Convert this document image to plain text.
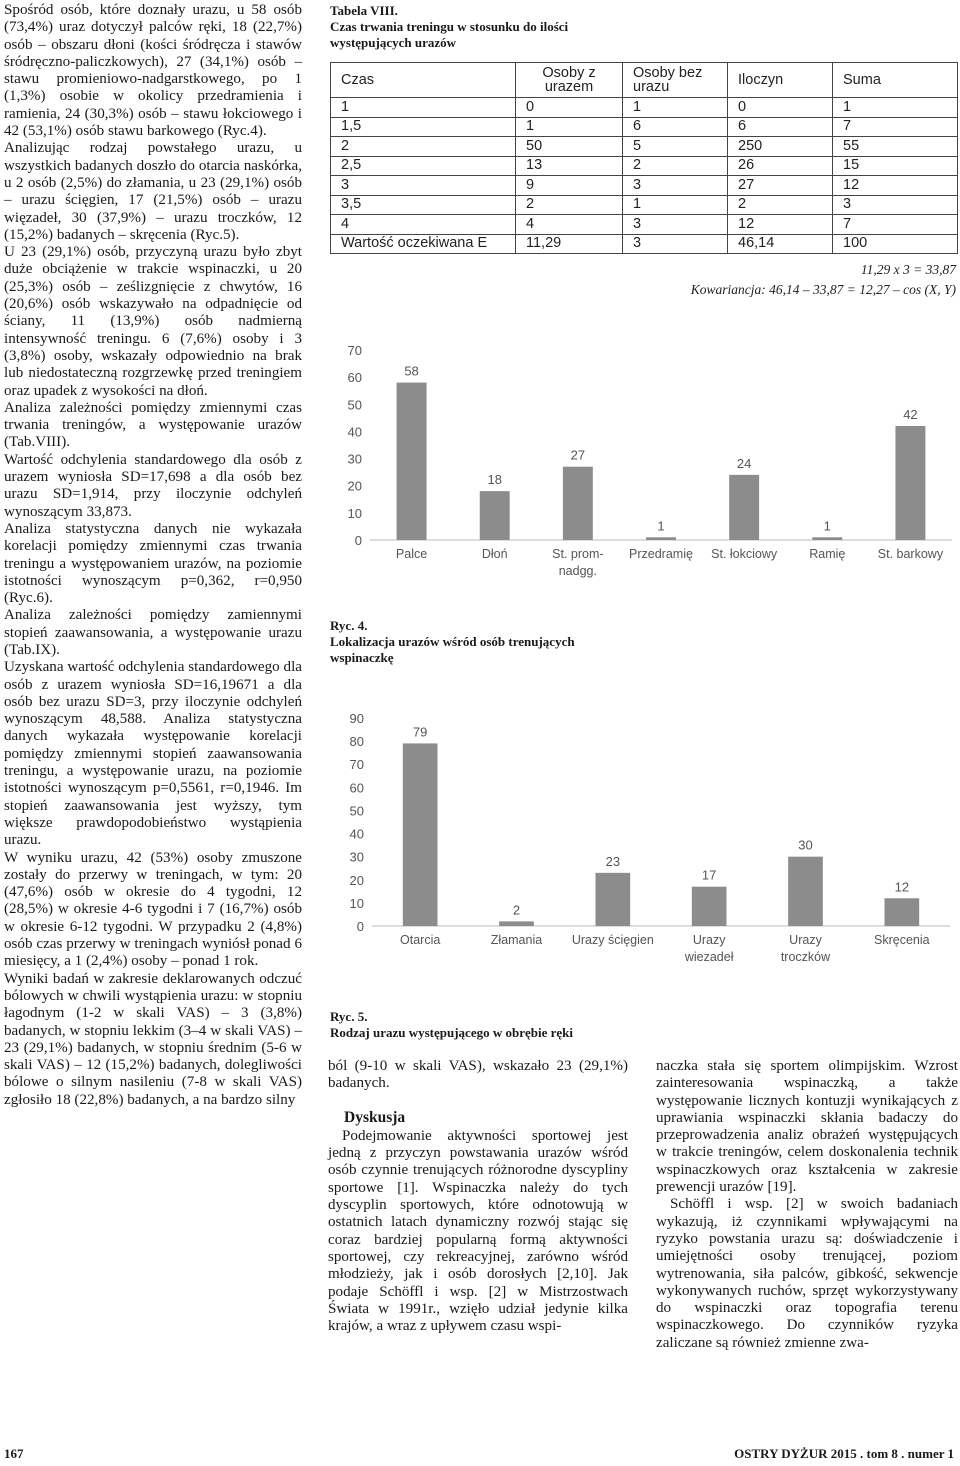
Spośród osób, które doznały urazu, u 58 osób (73,4%) uraz dotyczył palców ręki, 18 (22,7%) osób – obszaru dłoni (kości śródręcza i stawów śródręczno-paliczkowych), 27 (34,1%) osób – stawu promieniowo-nadgarstkowego, po 1 (1,3%) osobie w okolicy przedramienia i ramienia, 24 (30,3%) osób – stawu łokciowego i 42 (53,1%) osób stawu barkowego (Ryc.4).

Analizując rodzaj powstałego urazu, u wszystkich badanych doszło do otarcia naskórka, u 2 osób (2,5%) do złamania, u 23 (29,1%) osób – urazu ścięgien, 17 (21,5%) osób – urazu więzadeł, 30 (37,9%) – urazu troczków, 12 (15,2%) badanych – skręcenia (Ryc.5).

U 23 (29,1%) osób, przyczyną urazu było zbyt duże obciążenie w trakcie wspinaczki, u 20 (25,3%) osób – ześlizgnięcie z chwytów, 16 (20,6%) osób wskazywało na odpadnięcie od ściany, 11 (13,9%) osób nadmierną intensywność treningu. 6 (7,6%) osoby i 3 (3,8%) osoby, wskazały odpowiednio na brak lub niedostateczną rozgrzewkę przed treningiem oraz upadek z wysokości na dłoń.

Analiza zależności pomiędzy zmiennymi czas trwania treningów, a występowanie urazów (Tab.VIII).

Wartość odchylenia standardowego dla osób z urazem wyniosła SD=17,698 a dla osób bez urazu SD=1,914, przy iloczynie odchyleń wynoszącym 33,873.

Analiza statystyczna danych nie wykazała korelacji pomiędzy zmiennymi czas trwania treningu a występowaniem urazów, na poziomie istotności wynoszącym p=0,362, r=0,950 (Ryc.6).

Analiza zależności pomiędzy zamiennymi stopień zaawansowania, a występowanie urazu (Tab.IX).

Uzyskana wartość odchylenia standardowego dla osób z urazem wyniosła SD=16,19671 a dla osób bez urazu SD=3, przy iloczynie odchyleń wynoszącym 48,588. Analiza statystyczna danych wykazała występowanie korelacji pomiędzy zmiennymi stopień zaawansowania treningu, a występowanie urazu, na poziomie istotności wynoszącym p=0,5561, r=0,1946. Im stopień zaawansowania jest wyższy, tym większe prawdopodobieństwo wystąpienia urazu.

W wyniku urazu, 42 (53%) osoby zmuszone zostały do przerwy w treningach, w tym: 20 (47,6%) osób w okresie do 4 tygodni, 12 (28,5%) w okresie 4-6 tygodni i 7 (16,7%) osób w okresie 6-12 tygodni. W przypadku 2 (4,8%) osób czas przerwy w treningach wyniósł ponad 6 miesięcy, a 1 (2,4%) osoby – ponad 1 rok.

Wyniki badań w zakresie deklarowanych odczuć bólowych w chwili wystąpienia urazu: w stopniu łagodnym (1-2 w skali VAS) – 3 (3,8%) badanych, w stopniu lekkim (3–4 w skali VAS) – 23 (29,1%) badanych, w stopniu średnim (5-6 w skali VAS) – 12 (15,2%) badanych, dolegliwości bólowe o silnym nasileniu (7-8 w skali VAS) zgłosiło 18 (22,8%) badanych, a na bardzo silny

Tabela VIII.
Czas trwania treningu w stosunku do ilości występujących urazów
Czas	Osoby z urazem	Osoby bez urazu	Iloczyn	Suma
1	0	1	0	1
1,5	1	6	6	7
2	50	5	250	55
2,5	13	2	26	15
3	9	3	27	12
3,5	2	1	2	3
4	4	3	12	7
Wartość oczekiwana E	11,29	3	46,14	100
11,29 x 3 = 33,87
Kowariancja: 46,14 – 33,87 = 12,27 – cos (X, Y)
0
10
20
30
40
50
60
70
58
Palce
18
Dłoń
27
St. prom-
nadgg.
1
Przedramię
24
St. łokciowy
1
Ramię
42
St. barkowy
Ryc. 4.
Lokalizacja urazów wśród osób trenujących wspinaczkę
0
10
20
30
40
50
60
70
80
90
79
Otarcia
2
Złamania
23
Urazy ścięgien
17
Urazy
wiezadeł
30
Urazy
troczków
12
Skręcenia
Ryc. 5.
Rodzaj urazu występującego w obrębie ręki

ból (9-10 w skali VAS), wskazało 23 (29,1%) badanych.

Dyskusja

Podejmowanie aktywności sportowej jest jedną z przyczyn powstawania urazów wśród osób czynnie trenujących różnorodne dyscypliny sportowe [1]. Wspinaczka należy do tych dyscyplin sportowych, które odnotowują w ostatnich latach dynamiczny rozwój stając się coraz bardziej popularną formą aktywności sportowej, czy rekreacyjnej, zarówno wśród młodzieży, jak i osób dorosłych [2,10]. Jak podaje Schöffl i wsp. [2] w Mistrzostwach Świata w 1991r., wzięło udział jedynie kilka krajów, a wraz z upływem czasu wspi-

naczka stała się sportem olimpijskim. Wzrost zainteresowania wspinaczką, a także występowanie licznych kontuzji wynikających z uprawiania wspinaczki skłania badaczy do przeprowadzenia analiz obrażeń występujących w trakcie treningów, celem doskonalenia technik wspinaczkowych oraz kształcenia w zakresie prewencji urazów [19].

Schöffl i wsp. [2] w swoich badaniach wykazują, iż czynnikami wpływającymi na ryzyko powstania urazu są: doświadczenie i umiejętności osoby trenującej, poziom wytrenowania, siła palców, gibkość, sekwencje wykonywanych ruchów, sprzęt wykorzystywany do wspinaczki oraz topografia terenu wspinaczkowego. Do czynników ryzyka zaliczane są również zmienne zwa-

167	OSTRY DYŻUR 2015 . tom 8 . numer 1
